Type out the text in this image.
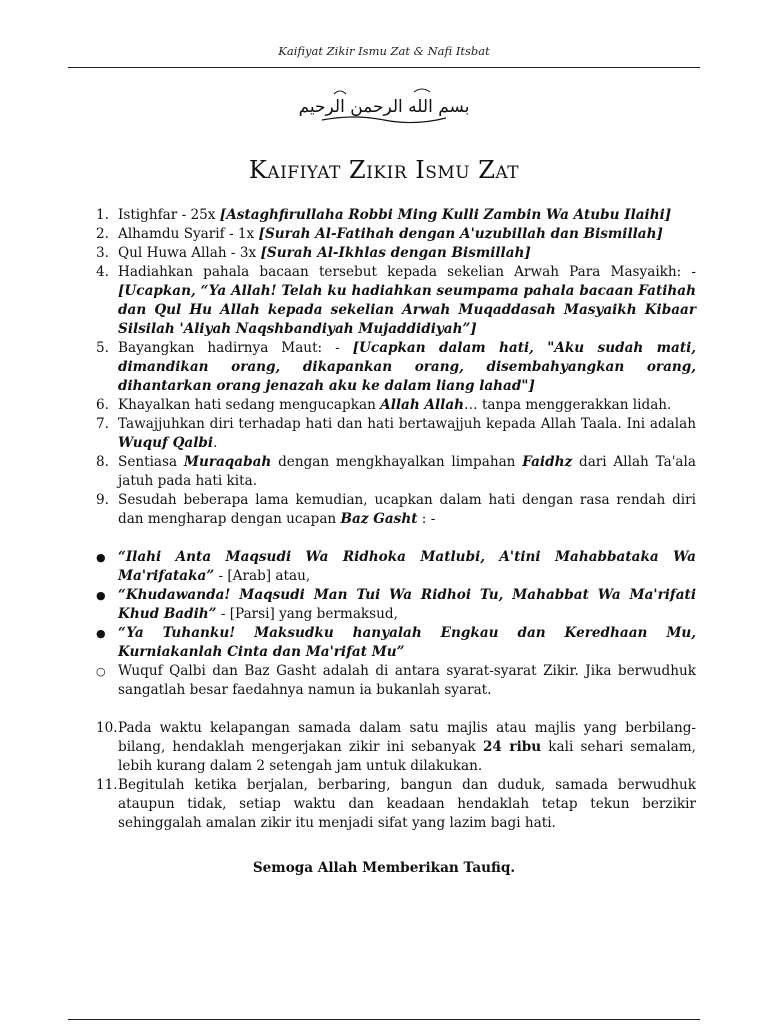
Kaifiyat Zikir Ismu Zat & Nafi Itsbat
بسم الله الرحمن الرحيم
Kaifiyat Zikir Ismu Zat
1. Istighfar - 25x [Astaghfirullaha Robbi Ming Kulli Zambin Wa Atubu Ilaihi]
2. Alhamdu Syarif - 1x [Surah Al-Fatihah dengan A'uzubillah dan Bismillah]
3. Qul Huwa Allah - 3x [Surah Al-Ikhlas dengan Bismillah]
4. Hadiahkan pahala bacaan tersebut kepada sekelian Arwah Para Masyaikh: - [Ucapkan, “Ya Allah! Telah ku hadiahkan seumpama pahala bacaan Fatihah dan Qul Hu Allah kepada sekelian Arwah Muqaddasah Masyaikh Kibaar Silsilah 'Aliyah Naqshbandiyah Mujaddidiyah”]
5. Bayangkan hadirnya Maut: - [Ucapkan dalam hati, "Aku sudah mati, dimandikan orang, dikapankan orang, disembahyangkan orang, dihantarkan orang jenazah aku ke dalam liang lahad"]
6. Khayalkan hati sedang mengucapkan Allah Allah… tanpa menggerakkan lidah.
7. Tawajjuhkan diri terhadap hati dan hati bertawajjuh kepada Allah Taala. Ini adalah Wuquf Qalbi.
8. Sentiasa Muraqabah dengan mengkhayalkan limpahan Faidhz dari Allah Ta'ala jatuh pada hati kita.
9. Sesudah beberapa lama kemudian, ucapkan dalam hati dengan rasa rendah diri dan mengharap dengan ucapan Baz Gasht : -
● “Ilahi Anta Maqsudi Wa Ridhoka Matlubi, A'tini Mahabbataka Wa Ma'rifataka” - [Arab] atau,
● “Khudawanda! Maqsudi Man Tui Wa Ridhoi Tu, Mahabbat Wa Ma'rifati Khud Badih” - [Parsi] yang bermaksud,
● “Ya Tuhanku! Maksudku hanyalah Engkau dan Keredhaan Mu, Kurniakanlah Cinta dan Ma'rifat Mu”
○ Wuquf Qalbi dan Baz Gasht adalah di antara syarat-syarat Zikir. Jika berwudhuk sangatlah besar faedahnya namun ia bukanlah syarat.
10. Pada waktu kelapangan samada dalam satu majlis atau majlis yang berbilang-bilang, hendaklah mengerjakan zikir ini sebanyak 24 ribu kali sehari semalam, lebih kurang dalam 2 setengah jam untuk dilakukan.
11. Begitulah ketika berjalan, berbaring, bangun dan duduk, samada berwudhuk ataupun tidak, setiap waktu dan keadaan hendaklah tetap tekun berzikir sehinggalah amalan zikir itu menjadi sifat yang lazim bagi hati.
Semoga Allah Memberikan Taufiq.
